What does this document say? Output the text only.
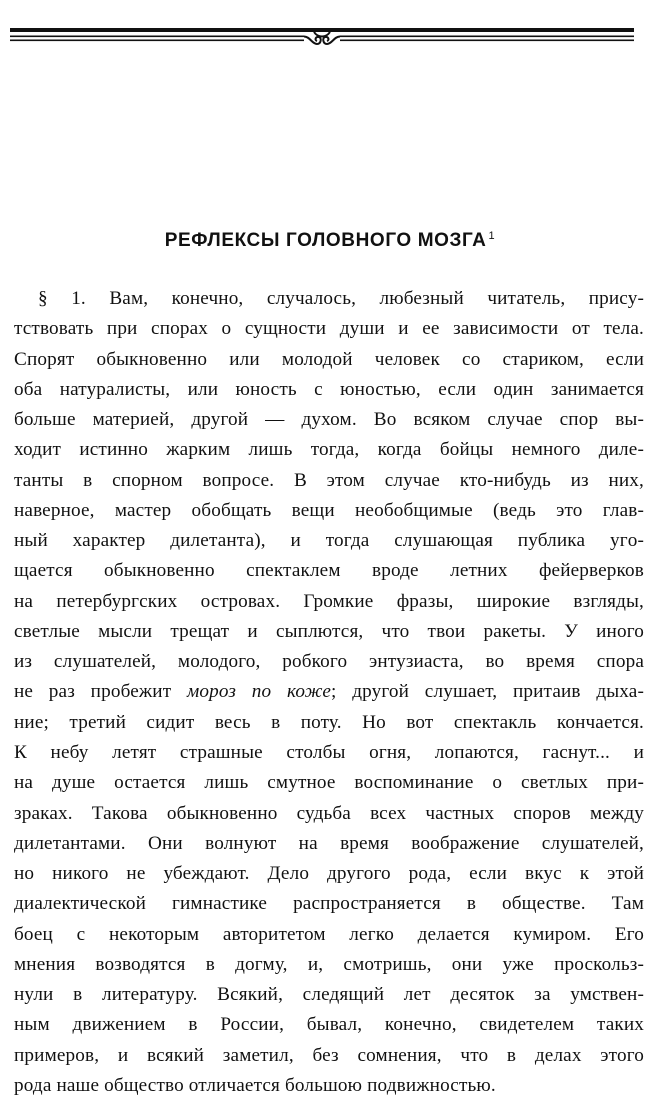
РЕФЛЕКСЫ ГОЛОВНОГО МОЗГА $^1$
§ 1. Вам, конечно, случалось, любезный читатель, прису-
тствовать при спорах о сущности души и ее зависимости от тела.
Спорят обыкновенно или молодой человек со стариком, если
оба натуралисты, или юность с юностью, если один занимается
больше материей, другой — духом. Во всяком случае спор вы-
ходит истинно жарким лишь тогда, когда бойцы немного диле-
танты в спорном вопросе. В этом случае кто-нибудь из них,
наверное, мастер обобщать вещи необобщимые (ведь это глав-
ный характер дилетанта), и тогда слушающая публика угo-
щается обыкновенно спектаклем вроде летних фейерверков
на петербургских островах. Громкие фразы, широкие взгляды,
светлые мысли трещат и сыплются, что твои ракеты. У иного
из слушателей, молодого, робкого энтузиаста, во время спора
не раз пробежит мороз по коже; другой слушает, притаив дыха-
ние; третий сидит весь в поту. Но вот спектакль кончается.
К небу летят страшные столбы огня, лопаются, гаснут... и
на душе остается лишь смутное воспоминание о светлых при-
зраках. Такова обыкновенно судьба всех частных споров между
дилетантами. Они волнуют на время воображение слушателей,
но никого не убеждают. Дело другого рода, если вкус к этой
диалектической гимнастике распространяется в обществе. Там
боец с некоторым авторитетом легко делается кумиром. Его
мнения возводятся в догму, и, смотришь, они уже проскольз-
нули в литературу. Всякий, следящий лет десяток за умствен-
ным движением в России, бывал, конечно, свидетелем таких
примеров, и всякий заметил, без сомнения, что в делах этого
рода наше общество отличается большою подвижностью.
